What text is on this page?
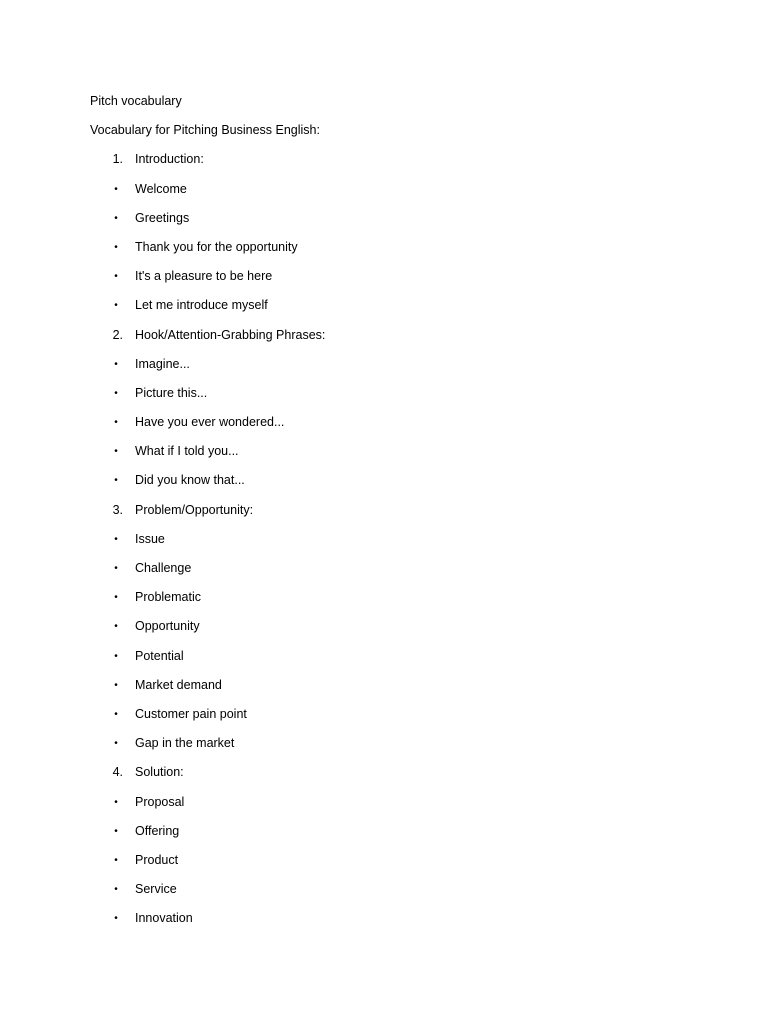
Pitch vocabulary
Vocabulary for Pitching Business English:
1. Introduction:
• Welcome
• Greetings
• Thank you for the opportunity
• It's a pleasure to be here
• Let me introduce myself
2. Hook/Attention-Grabbing Phrases:
• Imagine...
• Picture this...
• Have you ever wondered...
• What if I told you...
• Did you know that...
3. Problem/Opportunity:
• Issue
• Challenge
• Problematic
• Opportunity
• Potential
• Market demand
• Customer pain point
• Gap in the market
4. Solution:
• Proposal
• Offering
• Product
• Service
• Innovation
